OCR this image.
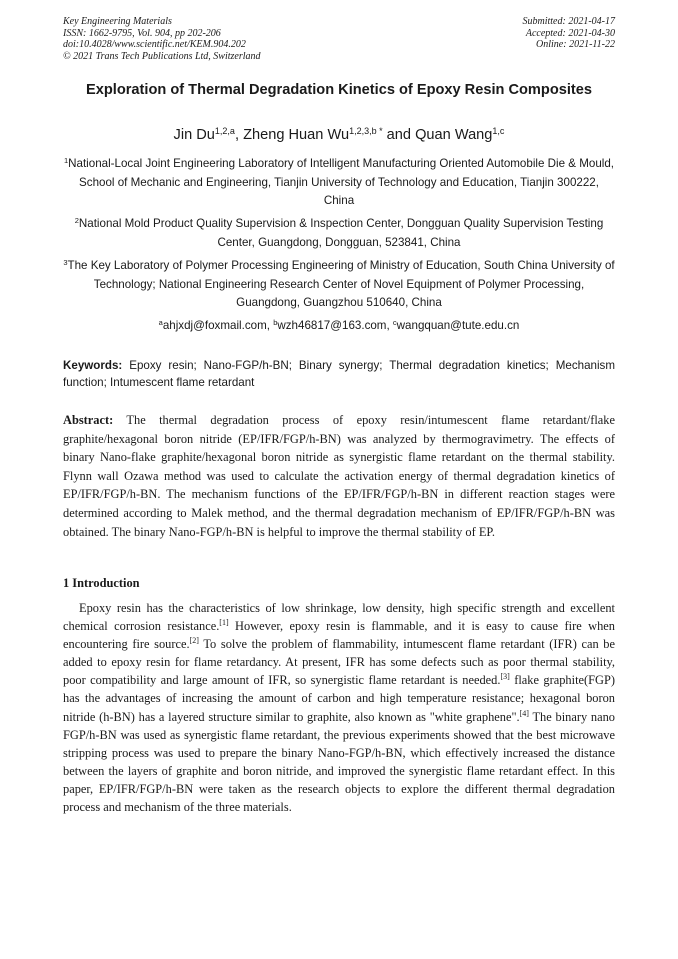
Key Engineering Materials
ISSN: 1662-9795, Vol. 904, pp 202-206
doi:10.4028/www.scientific.net/KEM.904.202
© 2021 Trans Tech Publications Ltd, Switzerland
Submitted: 2021-04-17
Accepted: 2021-04-30
Online: 2021-11-22
Exploration of Thermal Degradation Kinetics of Epoxy Resin Composites
Jin Du$^{1,2,a}$, Zheng Huan $Wu^{1,2,3,b *}$ and Quan Wang$^{1,c}$
$^1$National-Local Joint Engineering Laboratory of Intelligent Manufacturing Oriented Automobile Die & Mould, School of Mechanic and Engineering, Tianjin University of Technology and Education, Tianjin 300222, China
$^2$National Mold Product Quality Supervision & Inspection Center, Dongguan Quality Supervision Testing Center, Guangdong, Dongguan, 523841, China
$^3$The Key Laboratory of Polymer Processing Engineering of Ministry of Education, South China University of Technology; National Engineering Research Center of Novel Equipment of Polymer Processing, Guangdong, Guangzhou 510640, China
$^a$ahjxdj@foxmail.com, $^b$wzh46817@163.com, $^c$wangquan@tute.edu.cn
Keywords: Epoxy resin; Nano-FGP/h-BN; Binary synergy; Thermal degradation kinetics; Mechanism function; Intumescent flame retardant
Abstract: The thermal degradation process of epoxy resin/intumescent flame retardant/flake graphite/hexagonal boron nitride (EP/IFR/FGP/h-BN) was analyzed by thermogravimetry. The effects of binary Nano-flake graphite/hexagonal boron nitride as synergistic flame retardant on the thermal stability. Flynn wall Ozawa method was used to calculate the activation energy of thermal degradation kinetics of EP/IFR/FGP/h-BN. The mechanism functions of the EP/IFR/FGP/h-BN in different reaction stages were determined according to Malek method, and the thermal degradation mechanism of EP/IFR/FGP/h-BN was obtained. The binary Nano-FGP/h-BN is helpful to improve the thermal stability of EP.
1 Introduction
Epoxy resin has the characteristics of low shrinkage, low density, high specific strength and excellent chemical corrosion resistance.[1] However, epoxy resin is flammable, and it is easy to cause fire when encountering fire source.[2] To solve the problem of flammability, intumescent flame retardant (IFR) can be added to epoxy resin for flame retardancy. At present, IFR has some defects such as poor thermal stability, poor compatibility and large amount of IFR, so synergistic flame retardant is needed.[3] flake graphite(FGP) has the advantages of increasing the amount of carbon and high temperature resistance; hexagonal boron nitride (h-BN) has a layered structure similar to graphite, also known as "white graphene".[4] The binary nano FGP/h-BN was used as synergistic flame retardant, the previous experiments showed that the best microwave stripping process was used to prepare the binary Nano-FGP/h-BN, which effectively increased the distance between the layers of graphite and boron nitride, and improved the synergistic flame retardant effect. In this paper, EP/IFR/FGP/h-BN were taken as the research objects to explore the different thermal degradation process and mechanism of the three materials.
